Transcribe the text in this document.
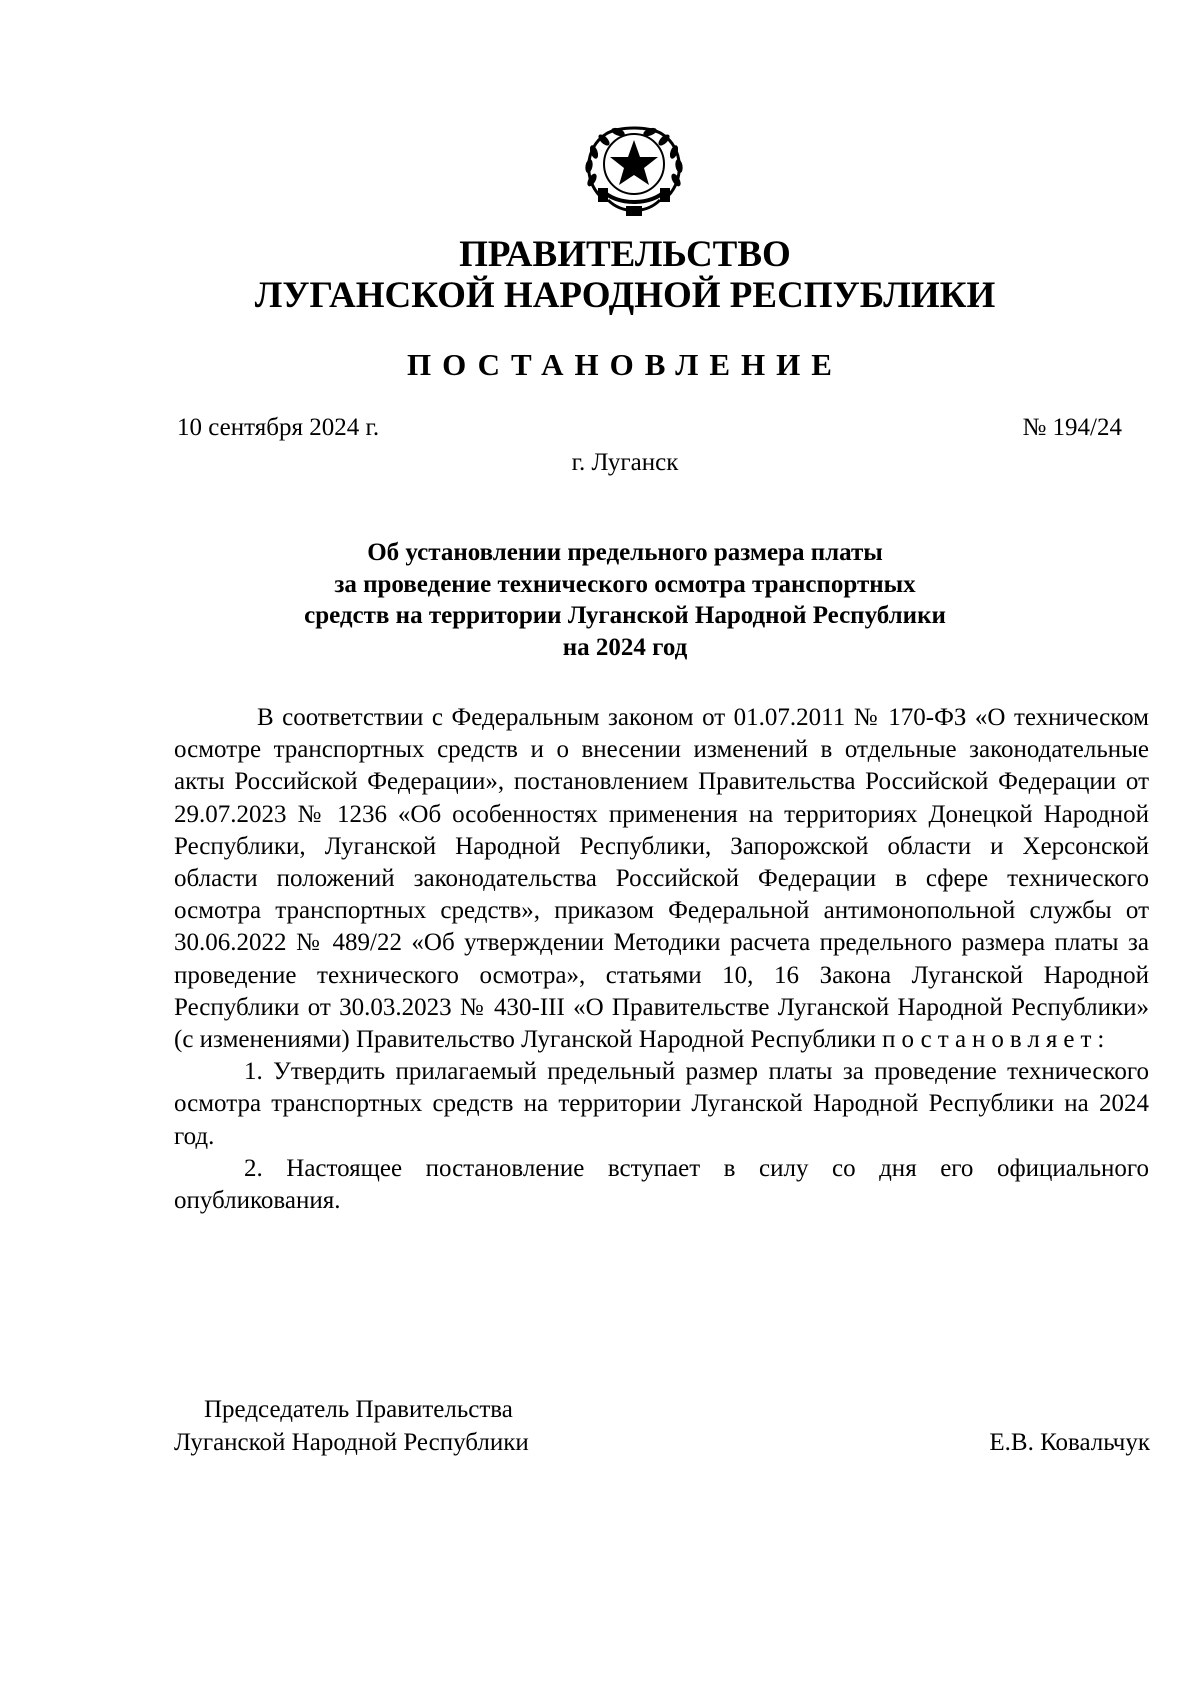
ПРАВИТЕЛЬСТВО
ЛУГАНСКОЙ НАРОДНОЙ РЕСПУБЛИКИ
ПОСТАНОВЛЕНИЕ
10 сентября 2024 г.	№ 194/24
г. Луганск
Об установлении предельного размера платы
за проведение технического осмотра транспортных
средств на территории Луганской Народной Республики
на 2024 год

В соответствии с Федеральным законом от 01.07.2011 № 170-ФЗ «О техническом осмотре транспортных средств и о внесении изменений в отдельные законодательные акты Российской Федерации», постановлением Правительства Российской Федерации от 29.07.2023 № 1236 «Об особенностях применения на территориях Донецкой Народной Республики, Луганской Народной Республики, Запорожской области и Херсонской области положений законодательства Российской Федерации в сфере технического осмотра транспортных средств», приказом Федеральной антимонопольной службы от 30.06.2022 № 489/22 «Об утверждении Методики расчета предельного размера платы за проведение технического осмотра», статьями 10, 16 Закона Луганской Народной Республики от 30.03.2023 № 430-III «О Правительстве Луганской Народной Республики» (с изменениями) Правительство Луганской Народной Республики постановляет:

1. Утвердить прилагаемый предельный размер платы за проведение технического осмотра транспортных средств на территории Луганской Народной Республики на 2024 год.

2. Настоящее постановление вступает в силу со дня его официального опубликования.

Председатель Правительства
Луганской Народной Республики	Е.В. Ковальчук
